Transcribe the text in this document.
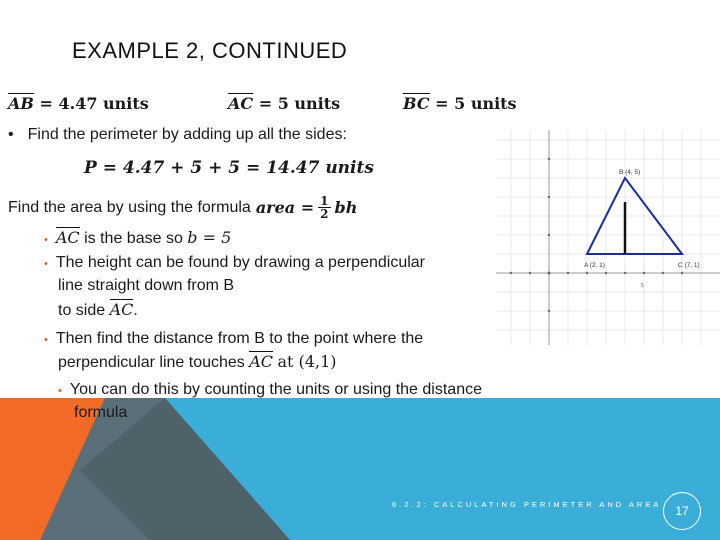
EXAMPLE 2, CONTINUED
AB = 4.47 units	AC = 5 units	BC = 5 units
• Find the perimeter by adding up all the sides:
P = 4.47 + 5 + 5 = 14.47 units
Find the area by using the formula area = $\frac{1}{2}$ bh
• AC is the base so b = 5
• The height can be found by drawing a perpendicular
line straight down from B
to side AC.
• Then find the distance from B to the point where the
perpendicular line touches AC at (4,1)
• You can do this by counting the units or using the distance
formula
B (4, 5)
A (2, 1)	C (7, 1)
5
6.2.2: CALCULATING PERIMETER AND AREA	17
